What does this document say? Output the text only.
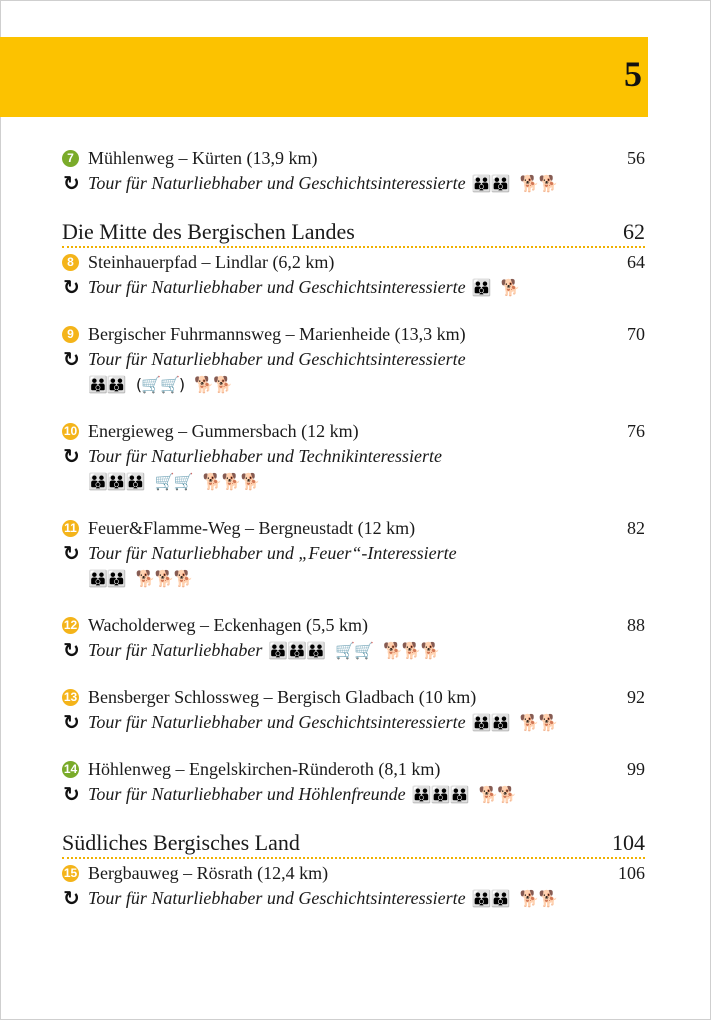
5
7 Mühlenweg – Kürten (13,9 km)	56
↻ Tour für Naturliebhaber und Geschichtsinteressierte 👪👪 🐕🐕
Die Mitte des Bergischen Landes	62
8 Steinhauerpfad – Lindlar (6,2 km)	64
↻ Tour für Naturliebhaber und Geschichtsinteressierte 👪 🐕
9 Bergischer Fuhrmannsweg – Marienheide (13,3 km)	70
↻ Tour für Naturliebhaber und Geschichtsinteressierte
👪👪 (🛒🛒) 🐕🐕
10 Energieweg – Gummersbach (12 km)	76
↻ Tour für Naturliebhaber und Technikinteressierte
👪👪👪 🛒🛒 🐕🐕🐕
11 Feuer&Flamme-Weg – Bergneustadt (12 km)	82
↻ Tour für Naturliebhaber und „Feuer“-Interessierte
👪👪 🐕🐕🐕
12 Wacholderweg – Eckenhagen (5,5 km)	88
↻ Tour für Naturliebhaber 👪👪👪 🛒🛒 🐕🐕🐕
13 Bensberger Schlossweg – Bergisch Gladbach (10 km)	92
↻ Tour für Naturliebhaber und Geschichtsinteressierte 👪👪 🐕🐕
14 Höhlenweg – Engelskirchen-Ründeroth (8,1 km)	99
↻ Tour für Naturliebhaber und Höhlenfreunde 👪👪👪 🐕🐕
Südliches Bergisches Land	104
15 Bergbauweg – Rösrath (12,4 km)	106
↻ Tour für Naturliebhaber und Geschichtsinteressierte 👪👪 🐕🐕
